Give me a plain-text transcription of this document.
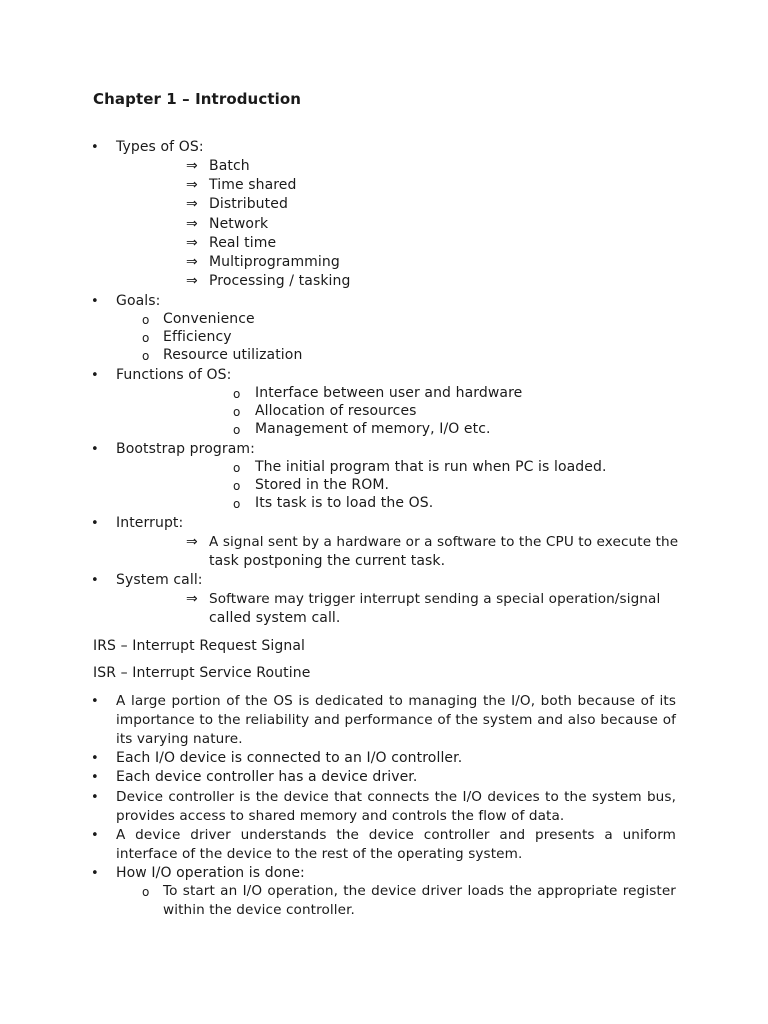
Chapter 1 – Introduction
• Types of OS:
⇒ Batch
⇒ Time shared
⇒ Distributed
⇒ Network
⇒ Real time
⇒ Multiprogramming
⇒ Processing / tasking
• Goals:
o Convenience
o Efficiency
o Resource utilization
• Functions of OS:
o Interface between user and hardware
o Allocation of resources
o Management of memory, I/O etc.
• Bootstrap program:
o The initial program that is run when PC is loaded.
o Stored in the ROM.
o Its task is to load the OS.
• Interrupt:
⇒ A signal sent by a hardware or a software to the CPU to execute the
task postponing the current task.
• System call:
⇒ Software may trigger interrupt sending a special operation/signal
called system call.
IRS – Interrupt Request Signal
ISR – Interrupt Service Routine
• A large portion of the OS is dedicated to managing the I/O, both because of its importance to the reliability and performance of the system and also because of its varying nature.
• Each I/O device is connected to an I/O controller.
• Each device controller has a device driver.
• Device controller is the device that connects the I/O devices to the system bus, provides access to shared memory and controls the flow of data.
• A device driver understands the device controller and presents a uniform interface of the device to the rest of the operating system.
• How I/O operation is done:
o To start an I/O operation, the device driver loads the appropriate register within the device controller.
